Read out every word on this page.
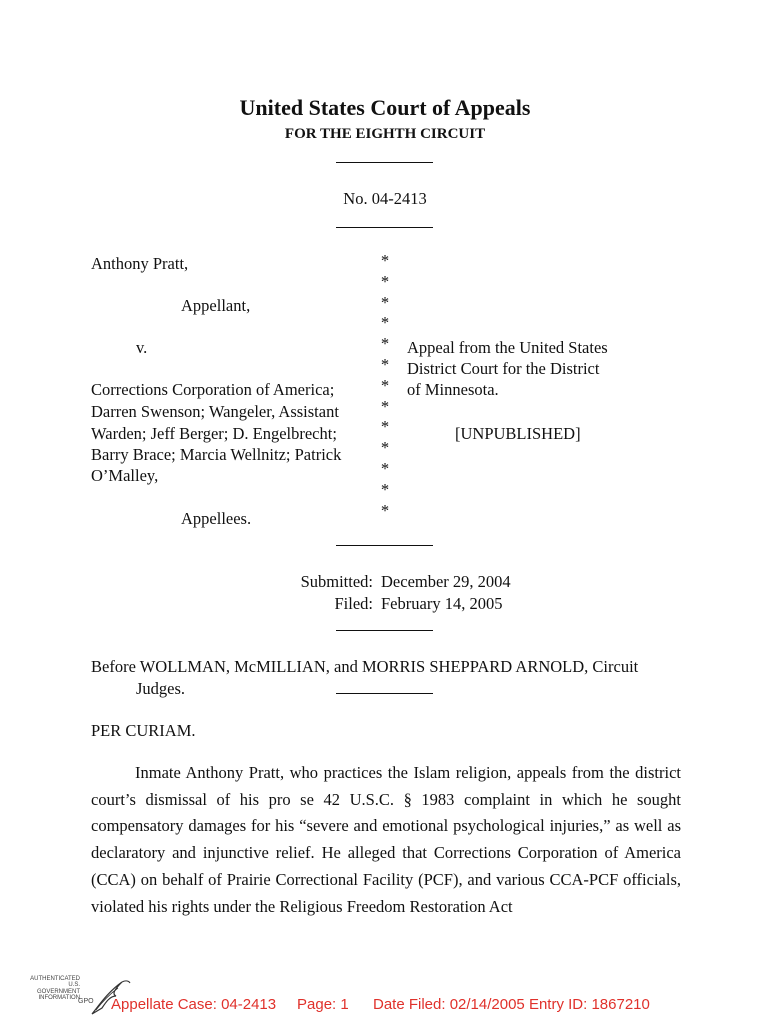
United States Court of Appeals
FOR THE EIGHTH CIRCUIT
No. 04-2413
Anthony Pratt,
Appellant,
v.
Corrections Corporation of America;
Darren Swenson; Wangeler, Assistant
Warden; Jeff Berger; D. Engelbrecht;
Barry Brace; Marcia Wellnitz; Patrick
O’Malley,
Appellees.
*
*
*
*
*
*
*
*
*
*
*
*
*
Appeal from the United States
District Court for the District
of Minnesota.
[UNPUBLISHED]
Submitted: December 29, 2004
Filed: February 14, 2005
Before WOLLMAN, McMILLIAN, and MORRIS SHEPPARD ARNOLD, Circuit
Judges.
PER CURIAM.
Inmate Anthony Pratt, who practices the Islam religion, appeals from the district court’s dismissal of his pro se 42 U.S.C. § 1983 complaint in which he sought compensatory damages for his “severe and emotional psychological injuries,” as well as declaratory and injunctive relief. He alleged that Corrections Corporation of America (CCA) on behalf of Prairie Correctional Facility (PCF), and various CCA-PCF officials, violated his rights under the Religious Freedom Restoration Act
AUTHENTICATED
U.S. GOVERNMENT
INFORMATION
GPO Appellate Case: 04-2413 Page: 1 Date Filed: 02/14/2005 Entry ID: 1867210
